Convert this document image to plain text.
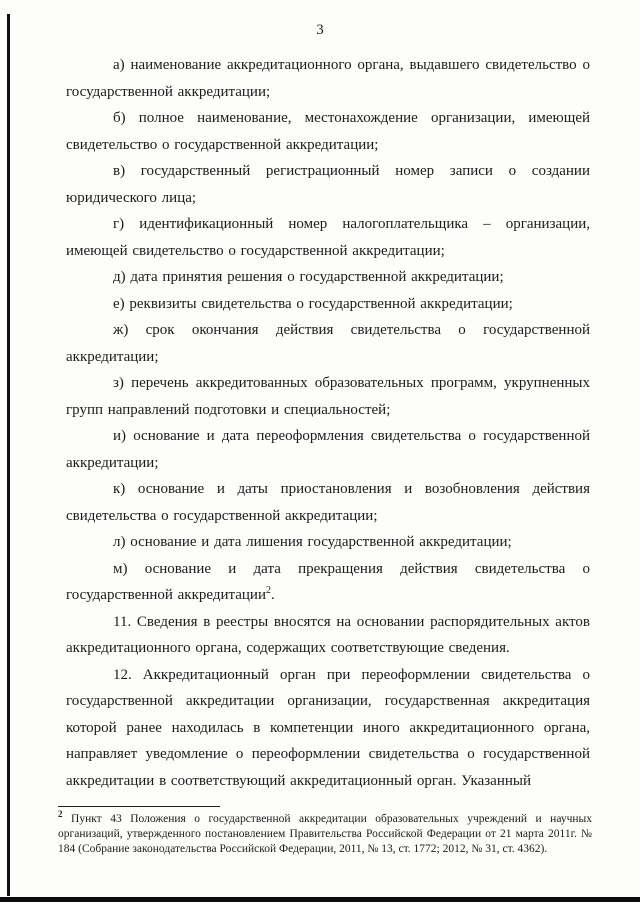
3

а) наименование аккредитационного органа, выдавшего свидетельство о государственной аккредитации;

б) полное наименование, местонахождение организации, имеющей свидетельство о государственной аккредитации;

в) государственный регистрационный номер записи о создании юридического лица;

г) идентификационный номер налогоплательщика – организации, имеющей свидетельство о государственной аккредитации;

д) дата принятия решения о государственной аккредитации;

е) реквизиты свидетельства о государственной аккредитации;

ж) срок окончания действия свидетельства о государственной аккредитации;

з) перечень аккредитованных образовательных программ, укрупненных групп направлений подготовки и специальностей;

и) основание и дата переоформления свидетельства о государственной аккредитации;

к) основание и даты приостановления и возобновления действия свидетельства о государственной аккредитации;

л) основание и дата лишения государственной аккредитации;

м) основание и дата прекращения действия свидетельства о государственной аккредитации$^2$.

11. Сведения в реестры вносятся на основании распорядительных актов аккредитационного органа, содержащих соответствующие сведения.

12. Аккредитационный орган при переоформлении свидетельства о государственной аккредитации организации, государственная аккредитация которой ранее находилась в компетенции иного аккредитационного органа, направляет уведомление о переоформлении свидетельства о государственной аккредитации в соответствующий аккредитационный орган. Указанный

$^2$ Пункт 43 Положения о государственной аккредитации образовательных учреждений и научных организаций, утвержденного постановлением Правительства Российской Федерации от 21 марта 2011г. № 184 (Собрание законодательства Российской Федерации, 2011, № 13, ст. 1772; 2012, № 31, ст. 4362).
